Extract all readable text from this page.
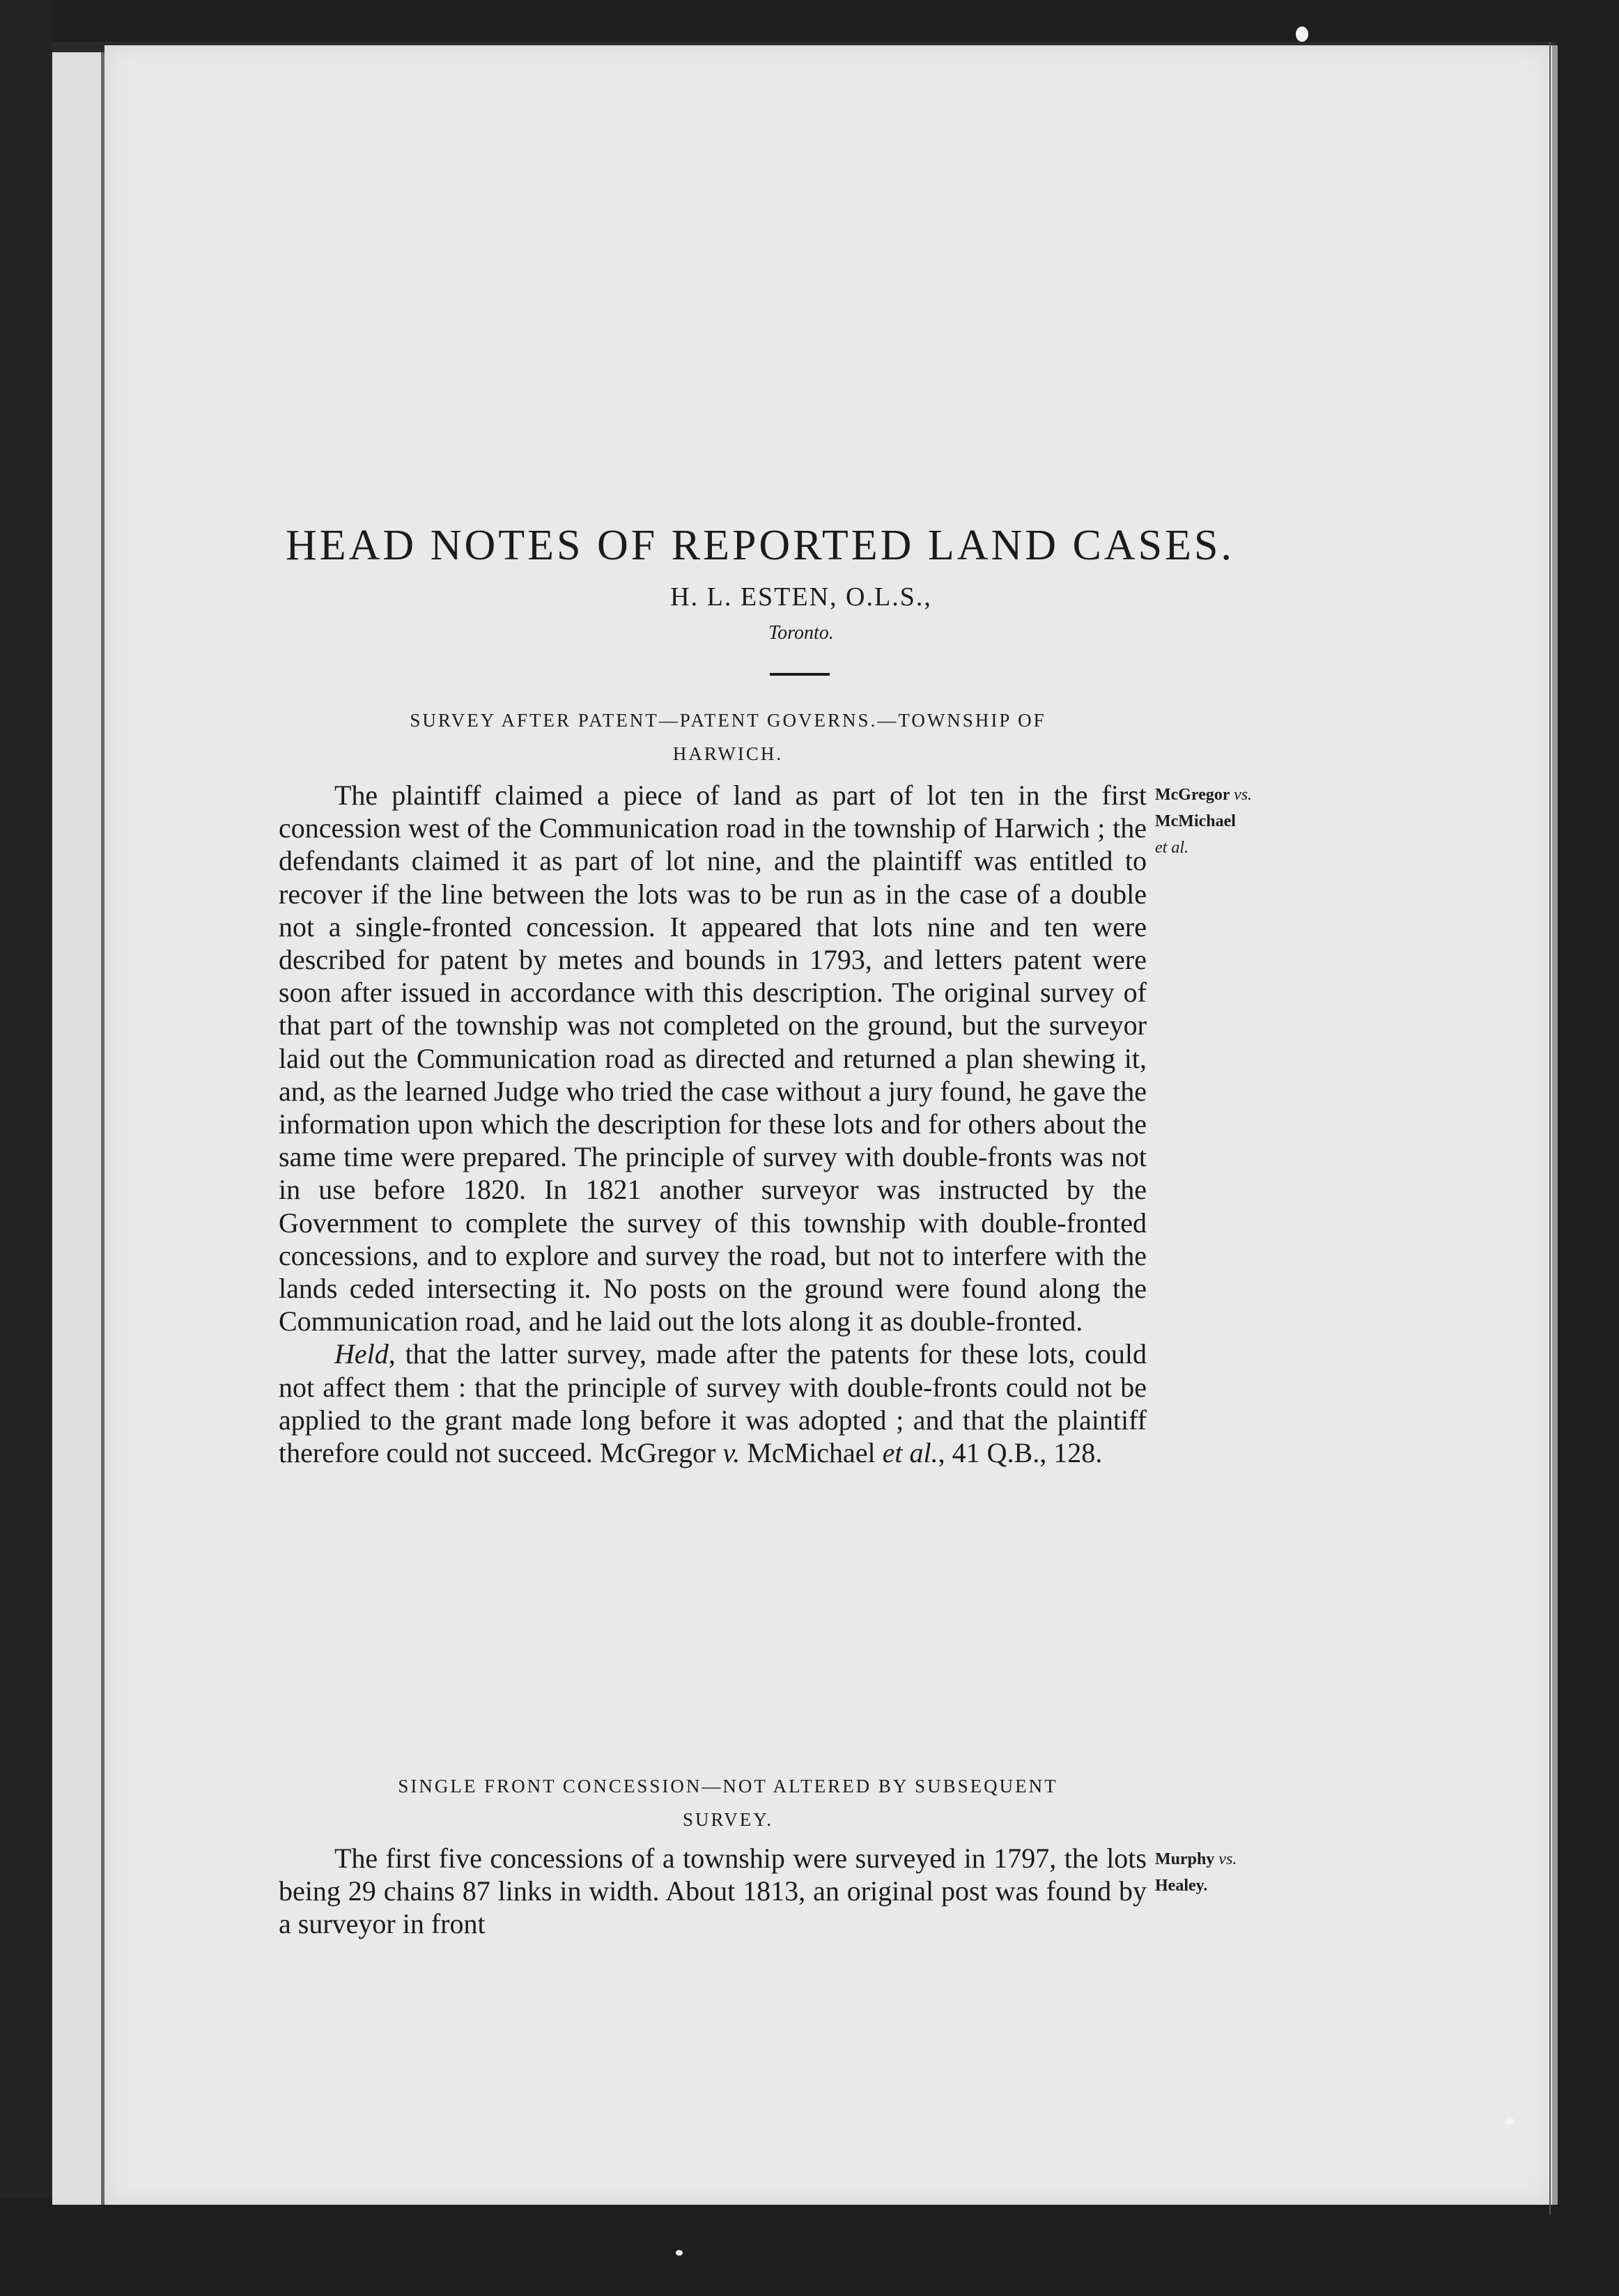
HEAD NOTES OF REPORTED LAND CASES.
H. L. ESTEN, O.L.S.,
Toronto.
SURVEY AFTER PATENT—PATENT GOVERNS.—TOWNSHIP OF
HARWICH.
McGregor vs.
McMichael
et al.

The plaintiff claimed a piece of land as part of lot ten in the first concession west of the Communication road in the township of Harwich ; the defendants claimed it as part of lot nine, and the plaintiff was entitled to recover if the line between the lots was to be run as in the case of a double not a single-fronted concession. It appeared that lots nine and ten were described for patent by metes and bounds in 1793, and letters patent were soon after issued in accordance with this description. The original survey of that part of the township was not completed on the ground, but the surveyor laid out the Communication road as directed and returned a plan shewing it, and, as the learned Judge who tried the case without a jury found, he gave the information upon which the description for these lots and for others about the same time were prepared. The principle of survey with double-fronts was not in use before 1820. In 1821 another surveyor was instructed by the Government to complete the survey of this township with double-fronted concessions, and to explore and survey the road, but not to interfere with the lands ceded intersecting it. No posts on the ground were found along the Communication road, and he laid out the lots along it as double-fronted.

Held, that the latter survey, made after the patents for these lots, could not affect them : that the principle of survey with double-fronts could not be applied to the grant made long before it was adopted ; and that the plaintiff therefore could not succeed. McGregor v. McMichael et al., 41 Q.B., 128.

SINGLE FRONT CONCESSION—NOT ALTERED BY SUBSEQUENT
SURVEY.
Murphy vs.
Healey.

The first five concessions of a township were surveyed in 1797, the lots being 29 chains 87 links in width. About 1813, an original post was found by a surveyor in front
